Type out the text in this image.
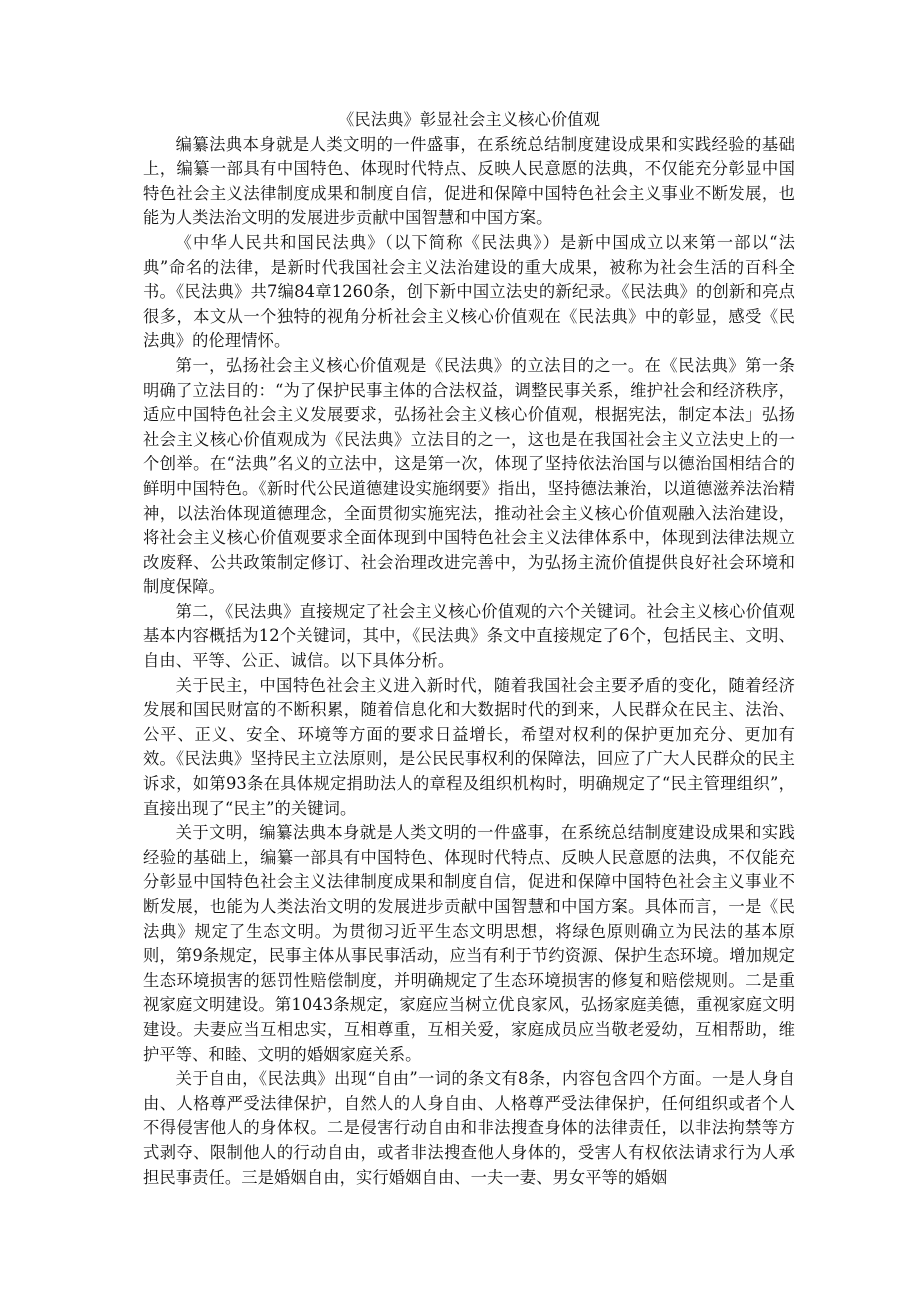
《民法典》彰显社会主义核心价值观

编纂法典本身就是人类文明的一件盛事，在系统总结制度建设成果和实践经验的基础上，编纂一部具有中国特色、体现时代特点、反映人民意愿的法典，不仅能充分彰显中国特色社会主义法律制度成果和制度自信，促进和保障中国特色社会主义事业不断发展，也能为人类法治文明的发展进步贡献中国智慧和中国方案。

《中华人民共和国民法典》（以下简称《民法典》）是新中国成立以来第一部以“法典”命名的法律，是新时代我国社会主义法治建设的重大成果，被称为社会生活的百科全书。《民法典》共7编84章1260条，创下新中国立法史的新纪录。《民法典》的创新和亮点很多，本文从一个独特的视角分析社会主义核心价值观在《民法典》中的彰显，感受《民法典》的伦理情怀。

第一，弘扬社会主义核心价值观是《民法典》的立法目的之一。在《民法典》第一条明确了立法目的：“为了保护民事主体的合法权益，调整民事关系，维护社会和经济秩序，适应中国特色社会主义发展要求，弘扬社会主义核心价值观，根据宪法，制定本法」弘扬社会主义核心价值观成为《民法典》立法目的之一，这也是在我国社会主义立法史上的一个创举。在“法典”名义的立法中，这是第一次，体现了坚持依法治国与以德治国相结合的鲜明中国特色。《新时代公民道德建设实施纲要》指出，坚持德法兼治，以道德滋养法治精神，以法治体现道德理念，全面贯彻实施宪法，推动社会主义核心价值观融入法治建设，将社会主义核心价值观要求全面体现到中国特色社会主义法律体系中，体现到法律法规立改废释、公共政策制定修订、社会治理改进完善中，为弘扬主流价值提供良好社会环境和制度保障。

第二，《民法典》直接规定了社会主义核心价值观的六个关键词。社会主义核心价值观基本内容概括为12个关键词，其中，《民法典》条文中直接规定了6个，包括民主、文明、自由、平等、公正、诚信。以下具体分析。

关于民主，中国特色社会主义进入新时代，随着我国社会主要矛盾的变化，随着经济发展和国民财富的不断积累，随着信息化和大数据时代的到来，人民群众在民主、法治、公平、正义、安全、环境等方面的要求日益增长，希望对权利的保护更加充分、更加有效。《民法典》坚持民主立法原则，是公民民事权利的保障法，回应了广大人民群众的民主诉求，如第93条在具体规定捐助法人的章程及组织机构时，明确规定了“民主管理组织”，直接出现了“民主”的关键词。

关于文明，编纂法典本身就是人类文明的一件盛事，在系统总结制度建设成果和实践经验的基础上，编纂一部具有中国特色、体现时代特点、反映人民意愿的法典，不仅能充分彰显中国特色社会主义法律制度成果和制度自信，促进和保障中国特色社会主义事业不断发展，也能为人类法治文明的发展进步贡献中国智慧和中国方案。具体而言，一是《民法典》规定了生态文明。为贯彻习近平生态文明思想，将绿色原则确立为民法的基本原则，第9条规定，民事主体从事民事活动，应当有利于节约资源、保护生态环境。增加规定生态环境损害的惩罚性赔偿制度，并明确规定了生态环境损害的修复和赔偿规则。二是重视家庭文明建设。第1043条规定，家庭应当树立优良家风，弘扬家庭美德，重视家庭文明建设。夫妻应当互相忠实，互相尊重，互相关爱，家庭成员应当敬老爱幼，互相帮助，维护平等、和睦、文明的婚姻家庭关系。

关于自由，《民法典》出现“自由”一词的条文有8条，内容包含四个方面。一是人身自由、人格尊严受法律保护，自然人的人身自由、人格尊严受法律保护，任何组织或者个人不得侵害他人的身体权。二是侵害行动自由和非法搜查身体的法律责任，以非法拘禁等方式剥夺、限制他人的行动自由，或者非法搜查他人身体的，受害人有权依法请求行为人承担民事责任。三是婚姻自由，实行婚姻自由、一夫一妻、男女平等的婚姻
